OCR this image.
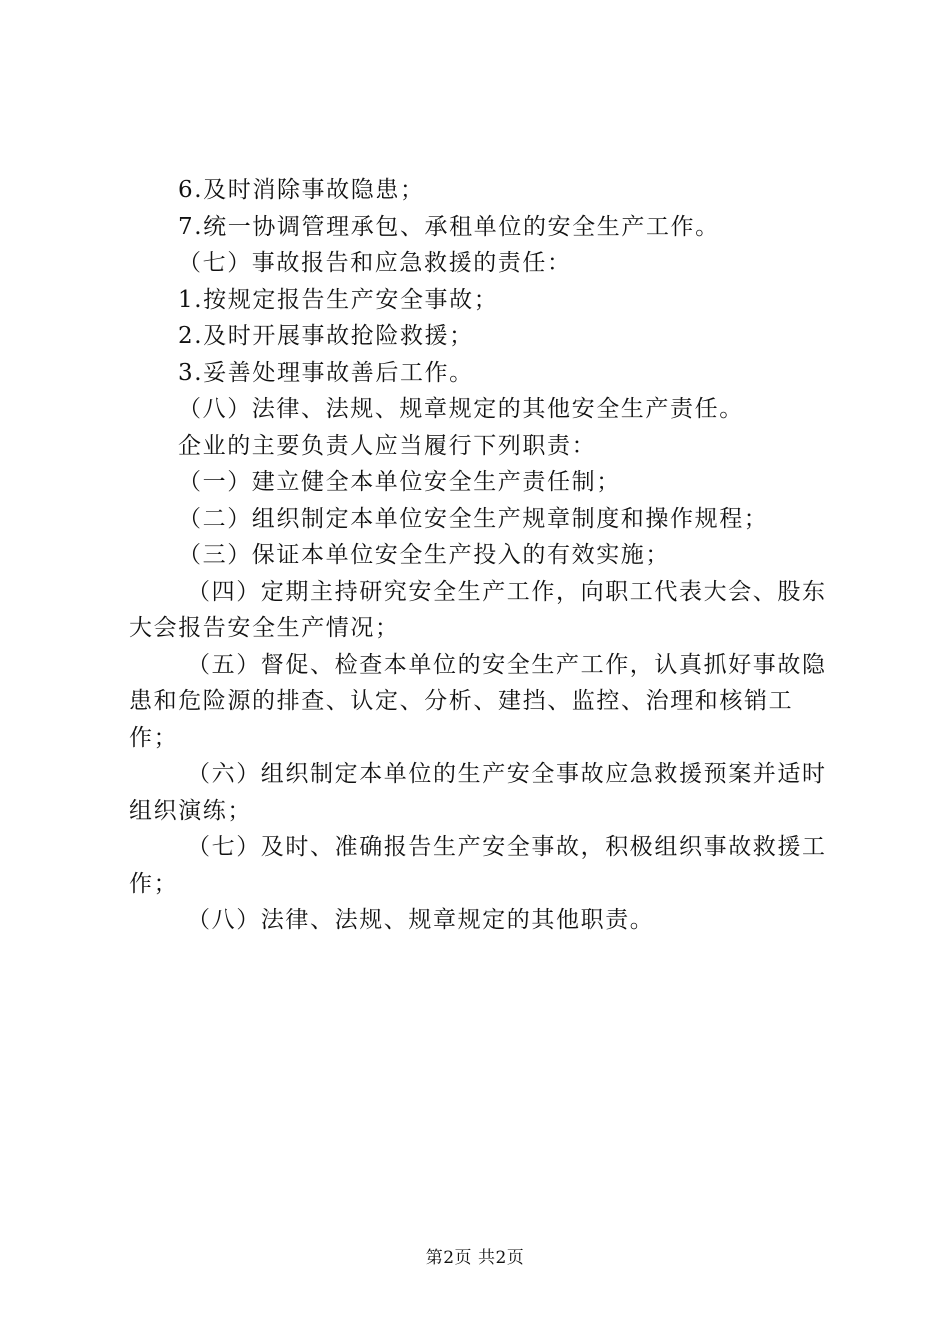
6.及时消除事故隐患；

7.统一协调管理承包、承租单位的安全生产工作。

（七）事故报告和应急救援的责任：

1.按规定报告生产安全事故；

2.及时开展事故抢险救援；

3.妥善处理事故善后工作。

（八）法律、法规、规章规定的其他安全生产责任。

企业的主要负责人应当履行下列职责：

（一）建立健全本单位安全生产责任制；

（二）组织制定本单位安全生产规章制度和操作规程；

（三）保证本单位安全生产投入的有效实施；

（四）定期主持研究安全生产工作，向职工代表大会、股东大会报告安全生产情况；

（五）督促、检查本单位的安全生产工作，认真抓好事故隐患和危险源的排查、认定、分析、建挡、监控、治理和核销工作；

（六）组织制定本单位的生产安全事故应急救援预案并适时组织演练；

（七）及时、准确报告生产安全事故，积极组织事故救援工作；

（八）法律、法规、规章规定的其他职责。

第2页 共2页
